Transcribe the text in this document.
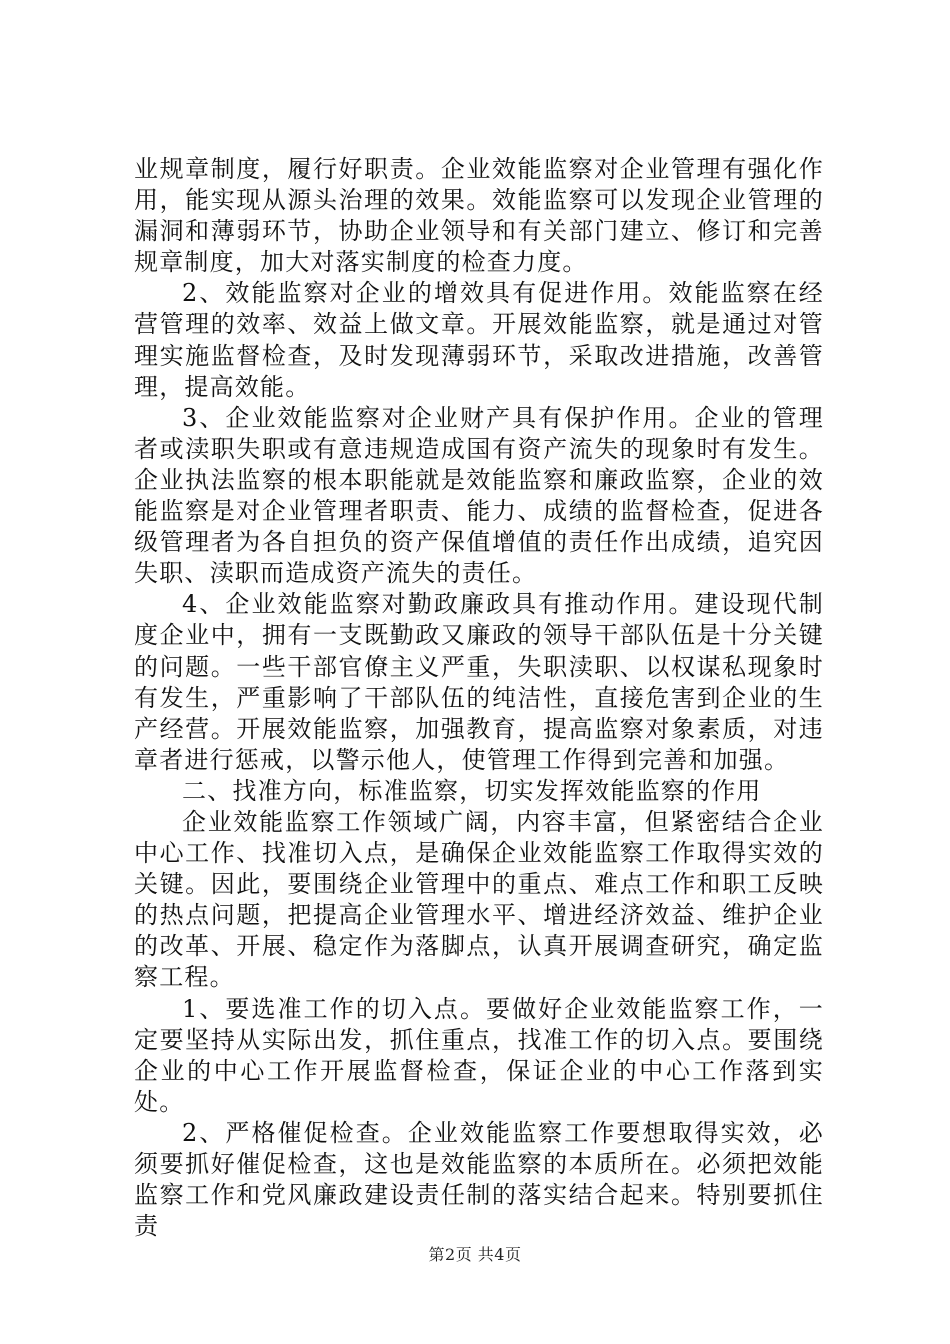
业规章制度，履行好职责。企业效能监察对企业管理有强化作用，能实现从源头治理的效果。效能监察可以发现企业管理的漏洞和薄弱环节，协助企业领导和有关部门建立、修订和完善规章制度，加大对落实制度的检查力度。

2、效能监察对企业的增效具有促进作用。效能监察在经营管理的效率、效益上做文章。开展效能监察，就是通过对管理实施监督检查，及时发现薄弱环节，采取改进措施，改善管理，提高效能。

3、企业效能监察对企业财产具有保护作用。企业的管理者或渎职失职或有意违规造成国有资产流失的现象时有发生。企业执法监察的根本职能就是效能监察和廉政监察，企业的效能监察是对企业管理者职责、能力、成绩的监督检查，促进各级管理者为各自担负的资产保值增值的责任作出成绩，追究因失职、渎职而造成资产流失的责任。

4、企业效能监察对勤政廉政具有推动作用。建设现代制度企业中，拥有一支既勤政又廉政的领导干部队伍是十分关键的问题。一些干部官僚主义严重，失职渎职、以权谋私现象时有发生，严重影响了干部队伍的纯洁性，直接危害到企业的生产经营。开展效能监察，加强教育，提高监察对象素质，对违章者进行惩戒，以警示他人，使管理工作得到完善和加强。

二、找准方向，标准监察，切实发挥效能监察的作用

企业效能监察工作领域广阔，内容丰富，但紧密结合企业中心工作、找准切入点，是确保企业效能监察工作取得实效的关键。因此，要围绕企业管理中的重点、难点工作和职工反映的热点问题，把提高企业管理水平、增进经济效益、维护企业的改革、开展、稳定作为落脚点，认真开展调查研究，确定监察工程。

1、要选准工作的切入点。要做好企业效能监察工作，一定要坚持从实际出发，抓住重点，找准工作的切入点。要围绕企业的中心工作开展监督检查，保证企业的中心工作落到实处。

2、严格催促检查。企业效能监察工作要想取得实效，必须要抓好催促检查，这也是效能监察的本质所在。必须把效能监察工作和党风廉政建设责任制的落实结合起来。特别要抓住责

第2页 共4页
